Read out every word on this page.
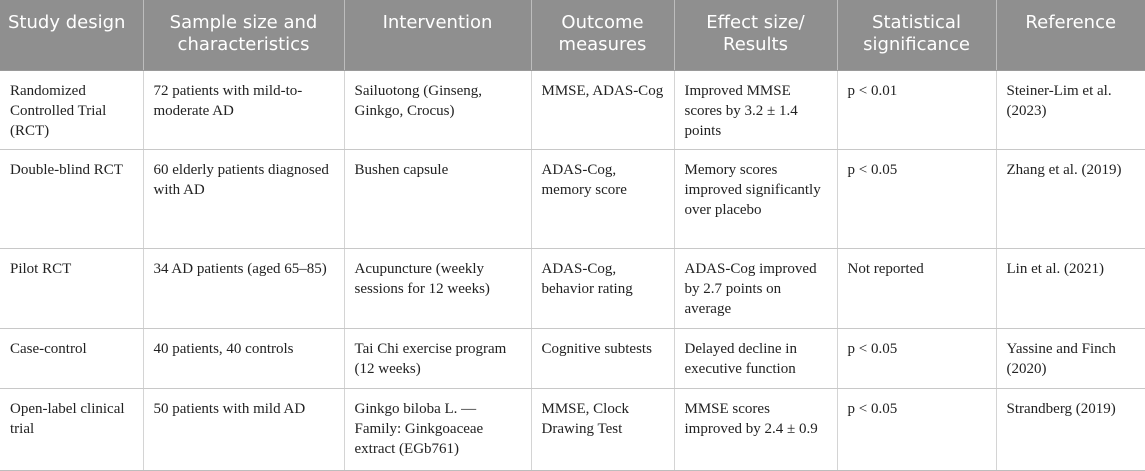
Study design	Sample size and characteristics	Intervention	Outcome measures	Effect size/ Results	Statistical significance	Reference
Randomized Controlled Trial (RCT)	72 patients with mild-to-moderate AD	Sailuotong (Ginseng, Ginkgo, Crocus)	MMSE, ADAS-Cog	Improved MMSE scores by 3.2 ± 1.4 points	p < 0.01	Steiner-Lim et al. (2023)
Double-blind RCT	60 elderly patients diagnosed with AD	Bushen capsule	ADAS-Cog, memory score	Memory scores improved significantly over placebo	p < 0.05	Zhang et al. (2019)
Pilot RCT	34 AD patients (aged 65–85)	Acupuncture (weekly sessions for 12 weeks)	ADAS-Cog, behavior rating	ADAS-Cog improved by 2.7 points on average	Not reported	Lin et al. (2021)
Case-control	40 patients, 40 controls	Tai Chi exercise program (12 weeks)	Cognitive subtests	Delayed decline in executive function	p < 0.05	Yassine and Finch (2020)
Open-label clinical trial	50 patients with mild AD	Ginkgo biloba L. — Family: Ginkgoaceae extract (EGb761)	MMSE, Clock Drawing Test	MMSE scores improved by 2.4 ± 0.9	p < 0.05	Strandberg (2019)
